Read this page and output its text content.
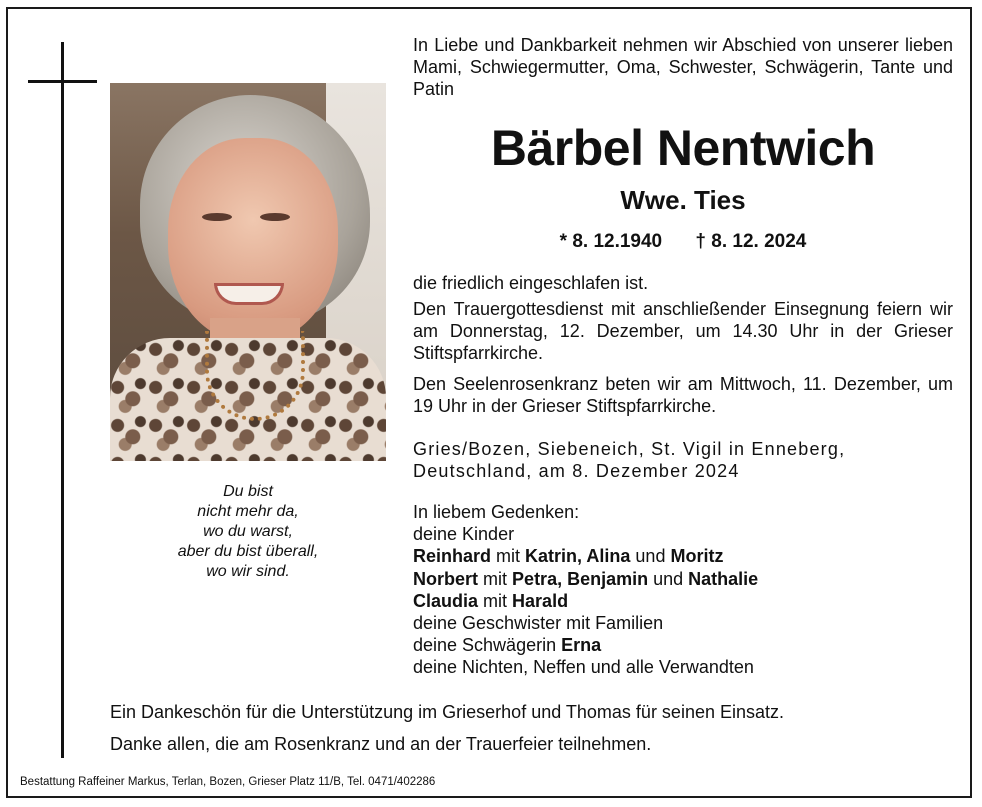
Du bist
nicht mehr da,
wo du warst,
aber du bist überall,
wo wir sind.
In Liebe und Dankbarkeit nehmen wir Abschied von unserer lieben Mami, Schwiegermutter, Oma, Schwester, Schwägerin, Tante und Patin
Bärbel Nentwich
Wwe. Ties
* 8. 12.1940 † 8. 12. 2024
die friedlich eingeschlafen ist.
Den Trauergottesdienst mit anschließender Einsegnung feiern wir am Donnerstag, 12. Dezember, um 14.30 Uhr in der Grieser Stiftspfarrkirche.
Den Seelenrosenkranz beten wir am Mittwoch, 11. Dezember, um 19 Uhr in der Grieser Stiftspfarrkirche.
Gries/Bozen, Siebeneich, St. Vigil in Enneberg, Deutschland, am 8. Dezember 2024
In liebem Gedenken:
deine Kinder
Reinhard mit Katrin, Alina und Moritz
Norbert mit Petra, Benjamin und Nathalie
Claudia mit Harald
deine Geschwister mit Familien
deine Schwägerin Erna
deine Nichten, Neffen und alle Verwandten
Ein Dankeschön für die Unterstützung im Grieserhof und Thomas für seinen Einsatz.
Danke allen, die am Rosenkranz und an der Trauerfeier teilnehmen.
Bestattung Raffeiner Markus, Terlan, Bozen, Grieser Platz 11/B, Tel. 0471/402286
